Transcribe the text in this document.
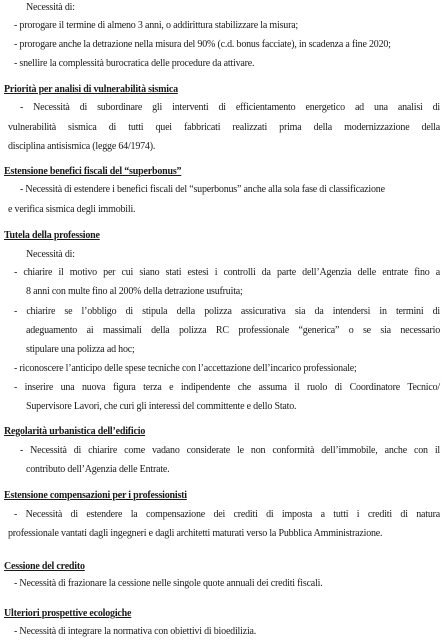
Necessità di:
- prorogare il termine di almeno 3 anni, o addirittura stabilizzare la misura;
- prorogare anche la detrazione nella misura del 90% (c.d. bonus facciate), in scadenza a fine 2020;
- snellire la complessità burocratica delle procedure da attivare.
Priorità per analisi di vulnerabilità sismica
- Necessità di subordinare gli interventi di efficientamento energetico ad una analisi di
vulnerabilità sismica di tutti quei fabbricati realizzati prima della modernizzazione della
disciplina antisismica (legge 64/1974).
Estensione benefici fiscali del “superbonus”
- Necessità di estendere i benefici fiscali del “superbonus” anche alla sola fase di classificazione
e verifica sismica degli immobili.
Tutela della professione
Necessità di:
- chiarire il motivo per cui siano stati estesi i controlli da parte dell’Agenzia delle entrate fino a
8 anni con multe fino al 200% della detrazione usufruita;
- chiarire se l’obbligo di stipula della polizza assicurativa sia da intendersi in termini di
adeguamento ai massimali della polizza RC professionale “generica” o se sia necessario
stipulare una polizza ad hoc;
- riconoscere l’anticipo delle spese tecniche con l’accettazione dell’incarico professionale;
- inserire una nuova figura terza e indipendente che assuma il ruolo di Coordinatore Tecnico/
Supervisore Lavori, che curi gli interessi del committente e dello Stato.
Regolarità urbanistica dell’edificio
- Necessità di chiarire come vadano considerate le non conformità dell’immobile, anche con il
contributo dell’Agenzia delle Entrate.
Estensione compensazioni per i professionisti
- Necessità di estendere la compensazione dei crediti di imposta a tutti i crediti di natura
professionale vantati dagli ingegneri e dagli architetti maturati verso la Pubblica Amministrazione.
Cessione del credito
- Necessità di frazionare la cessione nelle singole quote annuali dei crediti fiscali.
Ulteriori prospettive ecologiche
- Necessità di integrare la normativa con obiettivi di bioedilizia.
